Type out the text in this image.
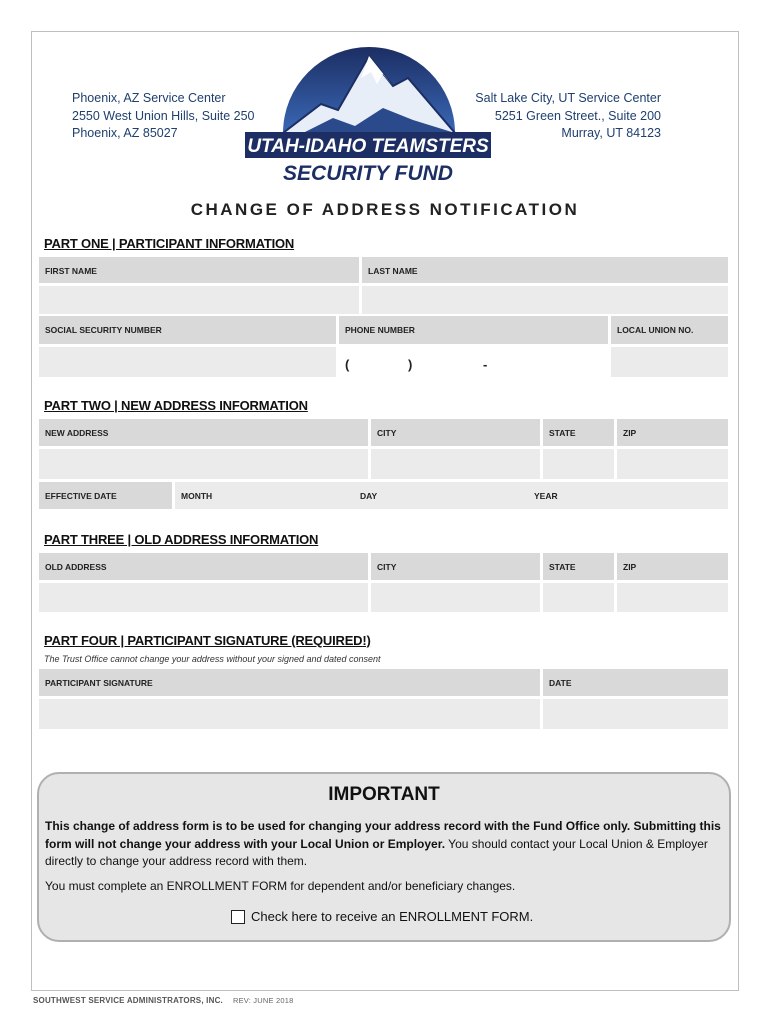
Phoenix, AZ Service Center
2550 West Union Hills, Suite 250
Phoenix, AZ 85027
Salt Lake City, UT Service Center
5251 Green Street., Suite 200
Murray, UT 84123
UTAH-IDAHO TEAMSTERS
SECURITY FUND
CHANGE OF ADDRESS NOTIFICATION
PART ONE | PARTICIPANT INFORMATION
FIRST NAME	LAST NAME
SOCIAL SECURITY NUMBER	PHONE NUMBER	LOCAL UNION NO.
(	)	-
PART TWO | NEW ADDRESS INFORMATION
NEW ADDRESS	CITY	STATE	ZIP
EFFECTIVE DATE	MONTH	DAY	YEAR
PART THREE | OLD ADDRESS INFORMATION
OLD ADDRESS	CITY	STATE	ZIP
PART FOUR | PARTICIPANT SIGNATURE (REQUIRED!)
The Trust Office cannot change your address without your signed and dated consent
PARTICIPANT SIGNATURE	DATE
IMPORTANT
This change of address form is to be used for changing your address record with the Fund Office only. Submitting this form will not change your address with your Local Union or Employer. You should contact your Local Union & Employer directly to change your address record with them.
You must complete an ENROLLMENT FORM for dependent and/or beneficiary changes.
Check here to receive an ENROLLMENT FORM.
SOUTHWEST SERVICE ADMINISTRATORS, INC. REV: JUNE 2018
